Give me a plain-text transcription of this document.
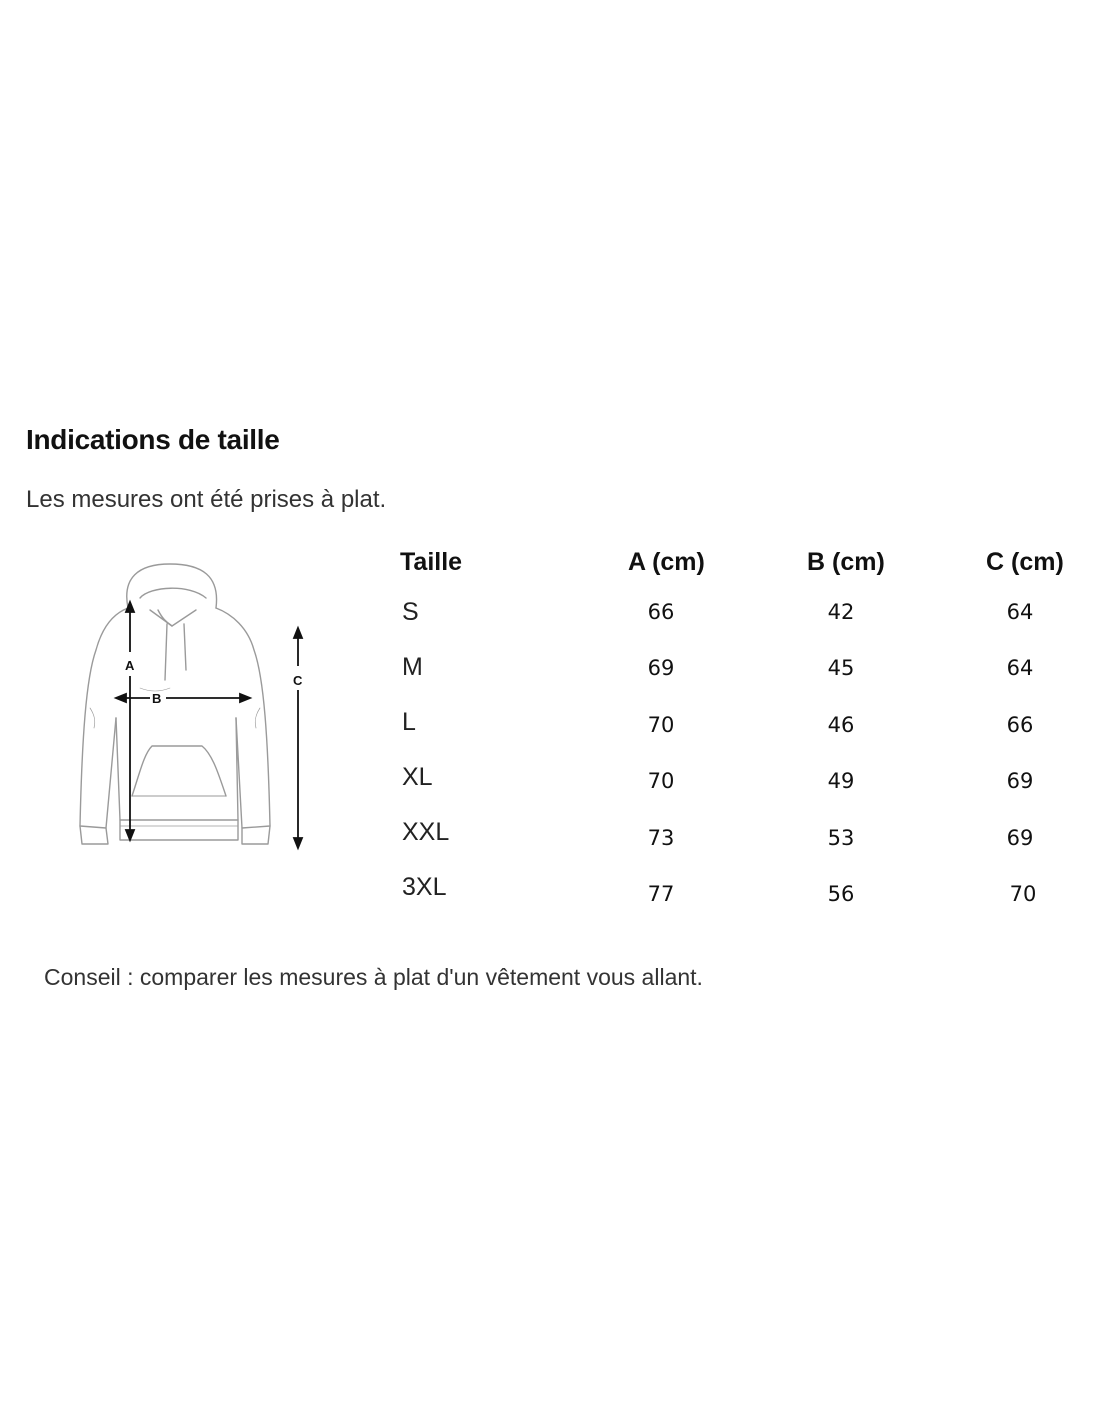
Indications de taille

Les mesures ont été prises à plat.

A
B
C
Taille	A (cm)	B (cm)	C (cm)
S	66	42	64
M	69	45	64
L	70	46	66
XL	70	49	69
XXL	73	53	69
3XL	77	56	70

Conseil : comparer les mesures à plat d'un vêtement vous allant.
